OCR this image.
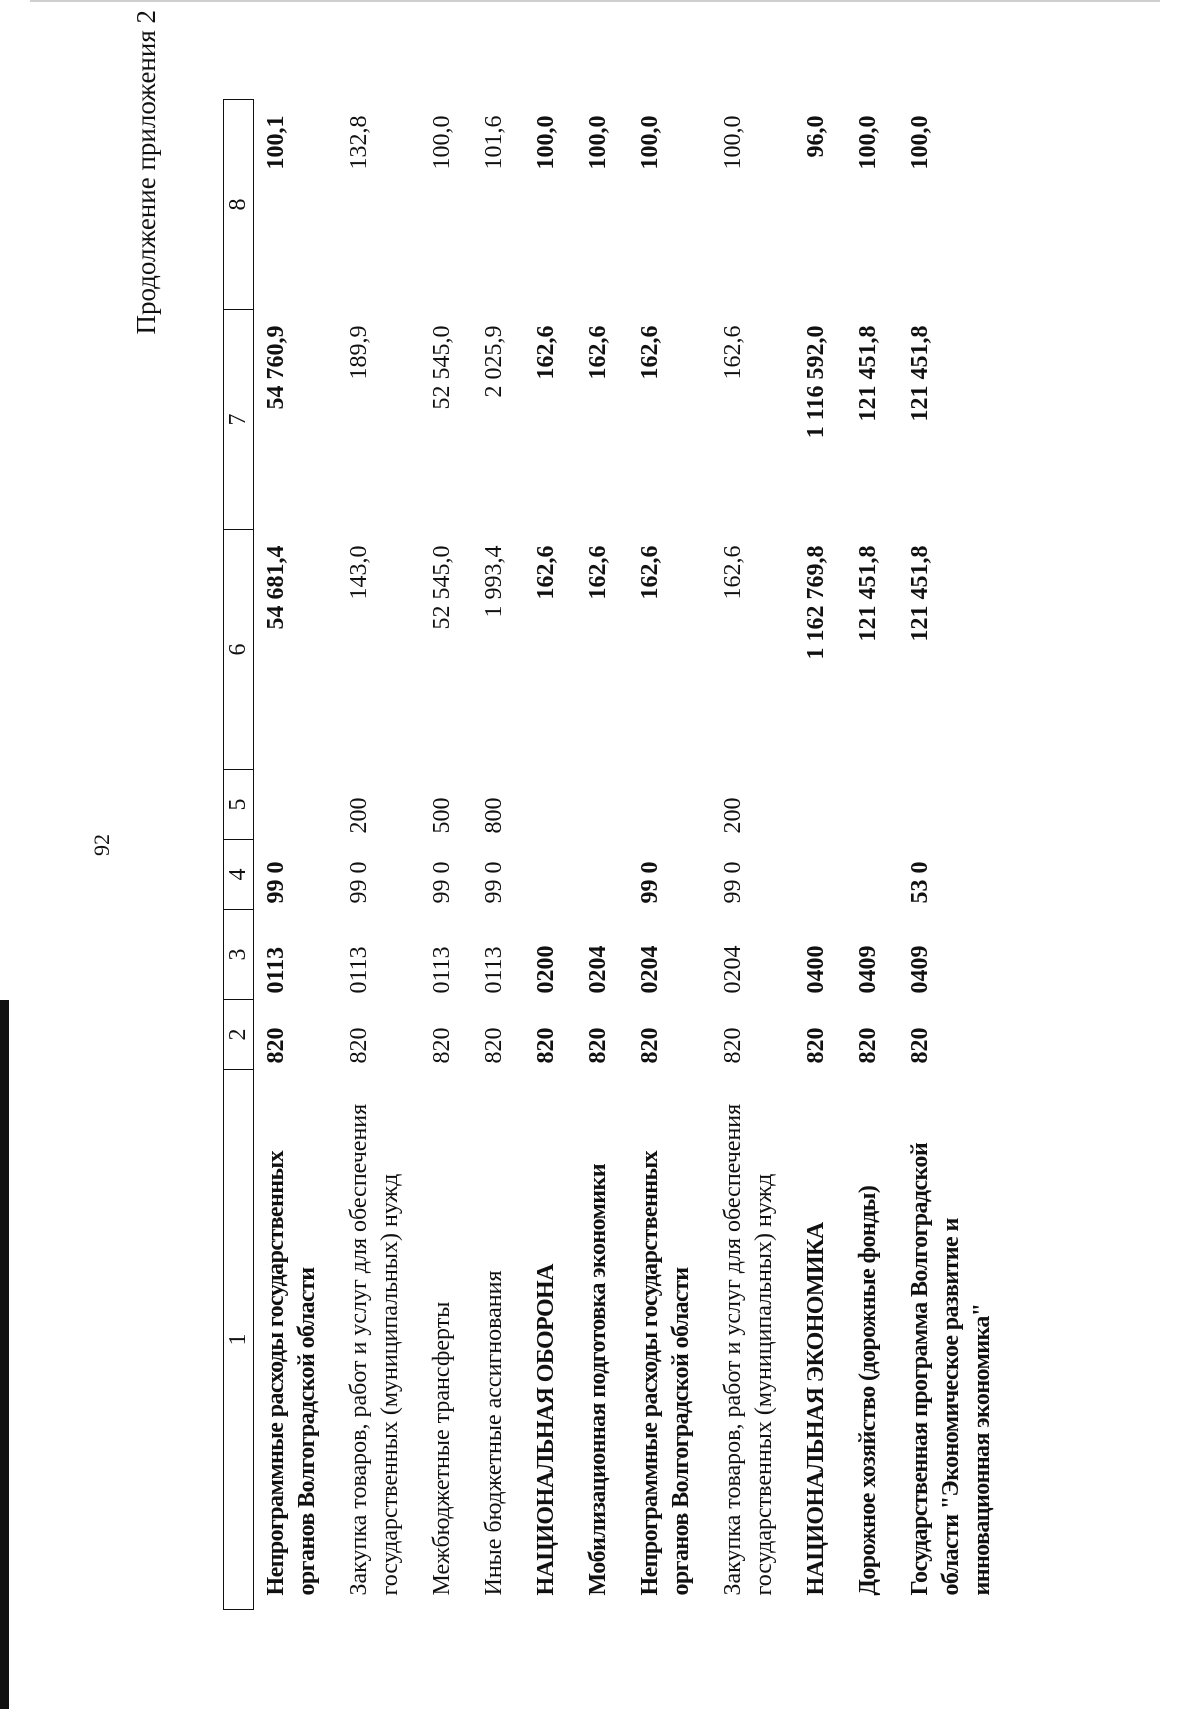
92
Продолжение приложения 2
1	2	3	4	5	6	7	8
Непрограммные расходы государственных органов Волгоградской области	820	0113	99 0		54 681,4	54 760,9	100,1
Закупка товаров, работ и услуг для обеспечения государственных (муниципальных) нужд	820	0113	99 0	200	143,0	189,9	132,8
Межбюджетные трансферты	820	0113	99 0	500	52 545,0	52 545,0	100,0
Иные бюджетные ассигнования	820	0113	99 0	800	1 993,4	2 025,9	101,6
НАЦИОНАЛЬНАЯ ОБОРОНА	820	0200			162,6	162,6	100,0
Мобилизационная подготовка экономики	820	0204			162,6	162,6	100,0
Непрограммные расходы государственных органов Волгоградской области	820	0204	99 0		162,6	162,6	100,0
Закупка товаров, работ и услуг для обеспечения государственных (муниципальных) нужд	820	0204	99 0	200	162,6	162,6	100,0
НАЦИОНАЛЬНАЯ ЭКОНОМИКА	820	0400			1 162 769,8	1 116 592,0	96,0
Дорожное хозяйство (дорожные фонды)	820	0409			121 451,8	121 451,8	100,0
Государственная программа Волгоградской области "Экономическое развитие и инновационная экономика"	820	0409	53 0		121 451,8	121 451,8	100,0
